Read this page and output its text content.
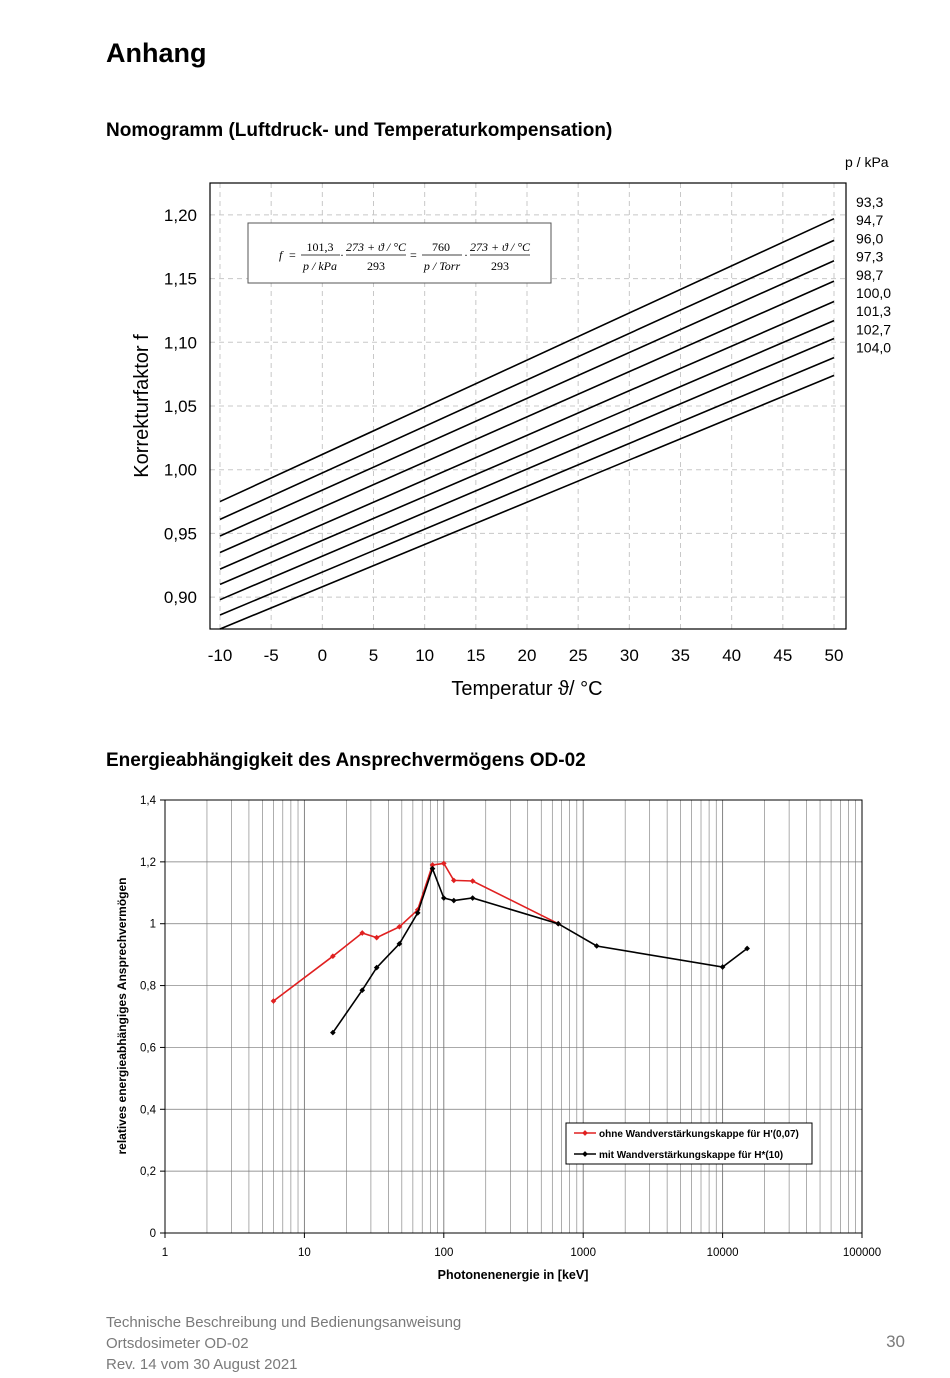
Anhang
Nomogramm (Luftdruck- und Temperaturkompensation)
Energieabhängigkeit des Ansprechvermögens OD-02
-10 -5 0 5 10 15 20 25 30 35 40 45 50
0,90
0,95
1,00
1,05
1,10
1,15
1,20
93,3
94,7
96,0
97,3
98,7
100,0
101,3
102,7
104,0
p / kPa
Temperatur ϑ/ °C
Korrekturfaktor f
f =
101,3
p / kPa
·
273 + ϑ / °C
293
=
760
p / Torr
·
273 + ϑ / °C
293
1	10	100	1000	10000	100000
0
0,2
0,4
0,6
0,8
1
1,2
1,4
Photonenenergie in [keV]
relatives energieabhängiges Ansprechvermögen	ohne Wandverstärkungskappe für H'(0,07)
mit Wandverstärkungskappe für H*(10)
Technische Beschreibung und Bedienungsanweisung
Ortsdosimeter OD-02
Rev. 14 vom 30 August 2021
30
